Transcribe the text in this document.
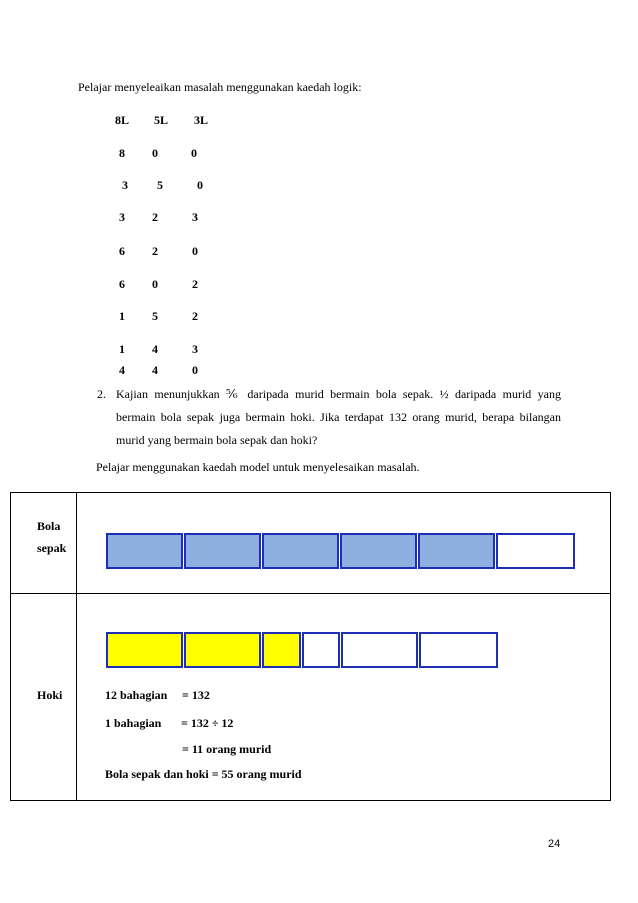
Pelajar menyeleaikan masalah menggunakan kaedah logik:
8L 5L 3L
8 0	0
3 5	0
3 2	3
6 2	0
6 0	2
1 5	2
1 4	3
4 4	0
2. Kajian menunjukkan ⅚ daripada murid bermain bola sepak. ½ daripada murid yang bermain bola sepak juga bermain hoki. Jika terdapat 132 orang murid, berapa bilangan murid yang bermain bola sepak dan hoki?
Pelajar menggunakan kaedah model untuk menyelesaikan masalah.
Bola
sepak
Hoki	12 bahagian = 132
1 bahagian = 132 ÷ 12
= 11 orang murid
Bola sepak dan hoki = 55 orang murid
24
